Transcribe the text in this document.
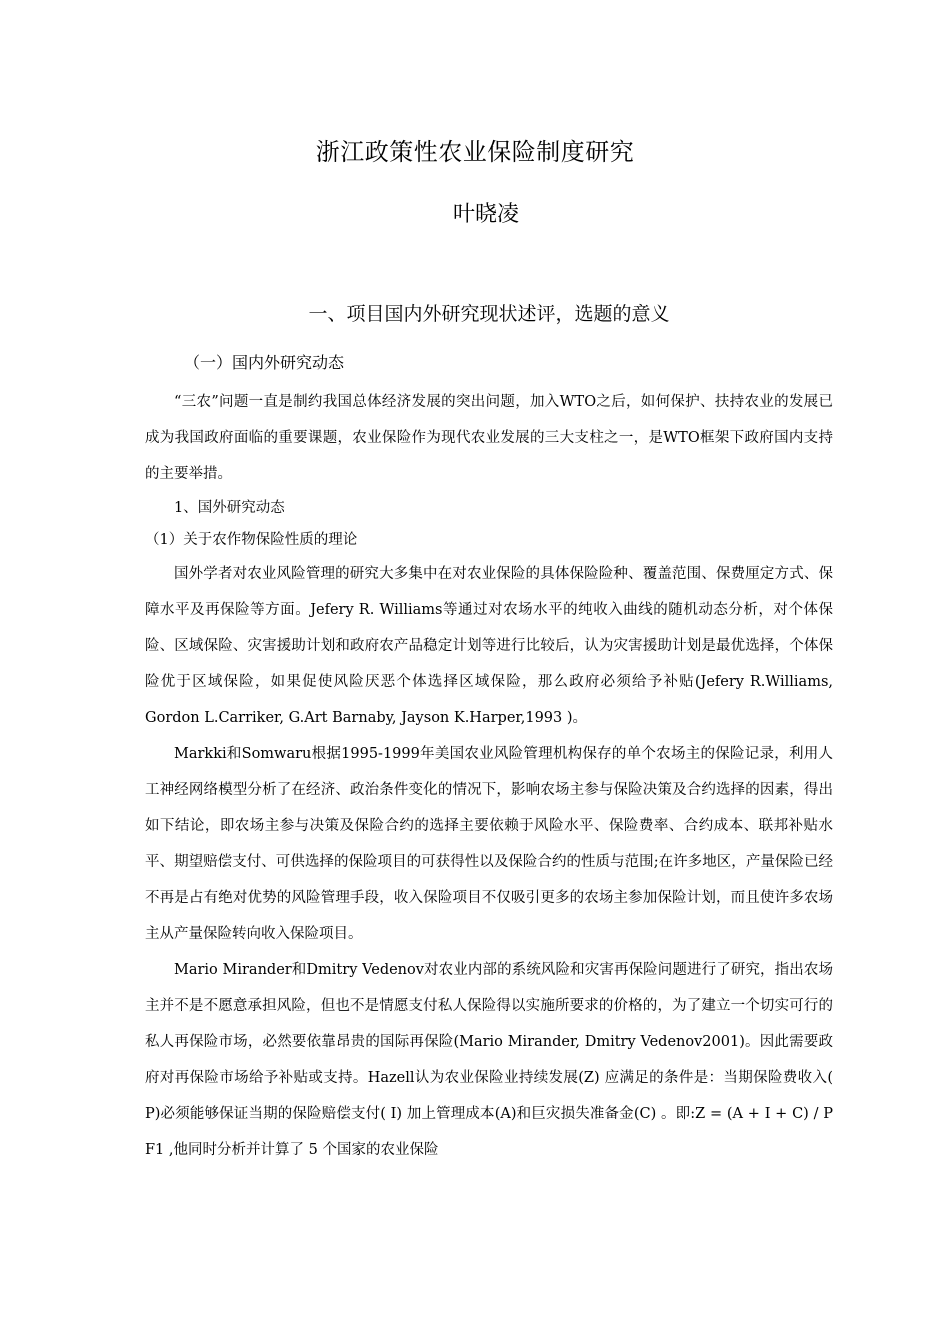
浙江政策性农业保险制度研究
叶晓凌
一、项目国内外研究现状述评，选题的意义
（一）国内外研究动态

“三农”问题一直是制约我国总体经济发展的突出问题，加入WTO之后，如何保护、扶持农业的发展已成为我国政府面临的重要课题，农业保险作为现代农业发展的三大支柱之一，是WTO框架下政府国内支持的主要举措。

1、国外研究动态

（1）关于农作物保险性质的理论

国外学者对农业风险管理的研究大多集中在对农业保险的具体保险险种、覆盖范围、保费厘定方式、保障水平及再保险等方面。Jefery R. Williams等通过对农场水平的纯收入曲线的随机动态分析，对个体保险、区域保险、灾害援助计划和政府农产品稳定计划等进行比较后，认为灾害援助计划是最优选择，个体保险优于区域保险，如果促使风险厌恶个体选择区域保险，那么政府必须给予补贴(Jefery R.Williams, Gordon L.Carriker, G.Art Barnaby, Jayson K.Harper,1993 )。

Markki和Somwaru根据1995-1999年美国农业风险管理机构保存的单个农场主的保险记录，利用人工神经网络模型分析了在经济、政治条件变化的情况下，影响农场主参与保险决策及合约选择的因素，得出如下结论，即农场主参与决策及保险合约的选择主要依赖于风险水平、保险费率、合约成本、联邦补贴水平、期望赔偿支付、可供选择的保险项目的可获得性以及保险合约的性质与范围;在许多地区，产量保险已经不再是占有绝对优势的风险管理手段，收入保险项目不仅吸引更多的农场主参加保险计划，而且使许多农场主从产量保险转向收入保险项目。

Mario Mirander和Dmitry Vedenov对农业内部的系统风险和灾害再保险问题进行了研究，指出农场主并不是不愿意承担风险，但也不是情愿支付私人保险得以实施所要求的价格的，为了建立一个切实可行的私人再保险市场，必然要依靠昂贵的国际再保险(Mario Mirander, Dmitry Vedenov2001)。因此需要政府对再保险市场给予补贴或支持。Hazell认为农业保险业持续发展(Z) 应满足的条件是：当期保险费收入( P)必须能够保证当期的保险赔偿支付( I) 加上管理成本(A)和巨灾损失准备金(C) 。即:Z = (A + I + C) / P F1 ,他同时分析并计算了 5 个国家的农业保险
